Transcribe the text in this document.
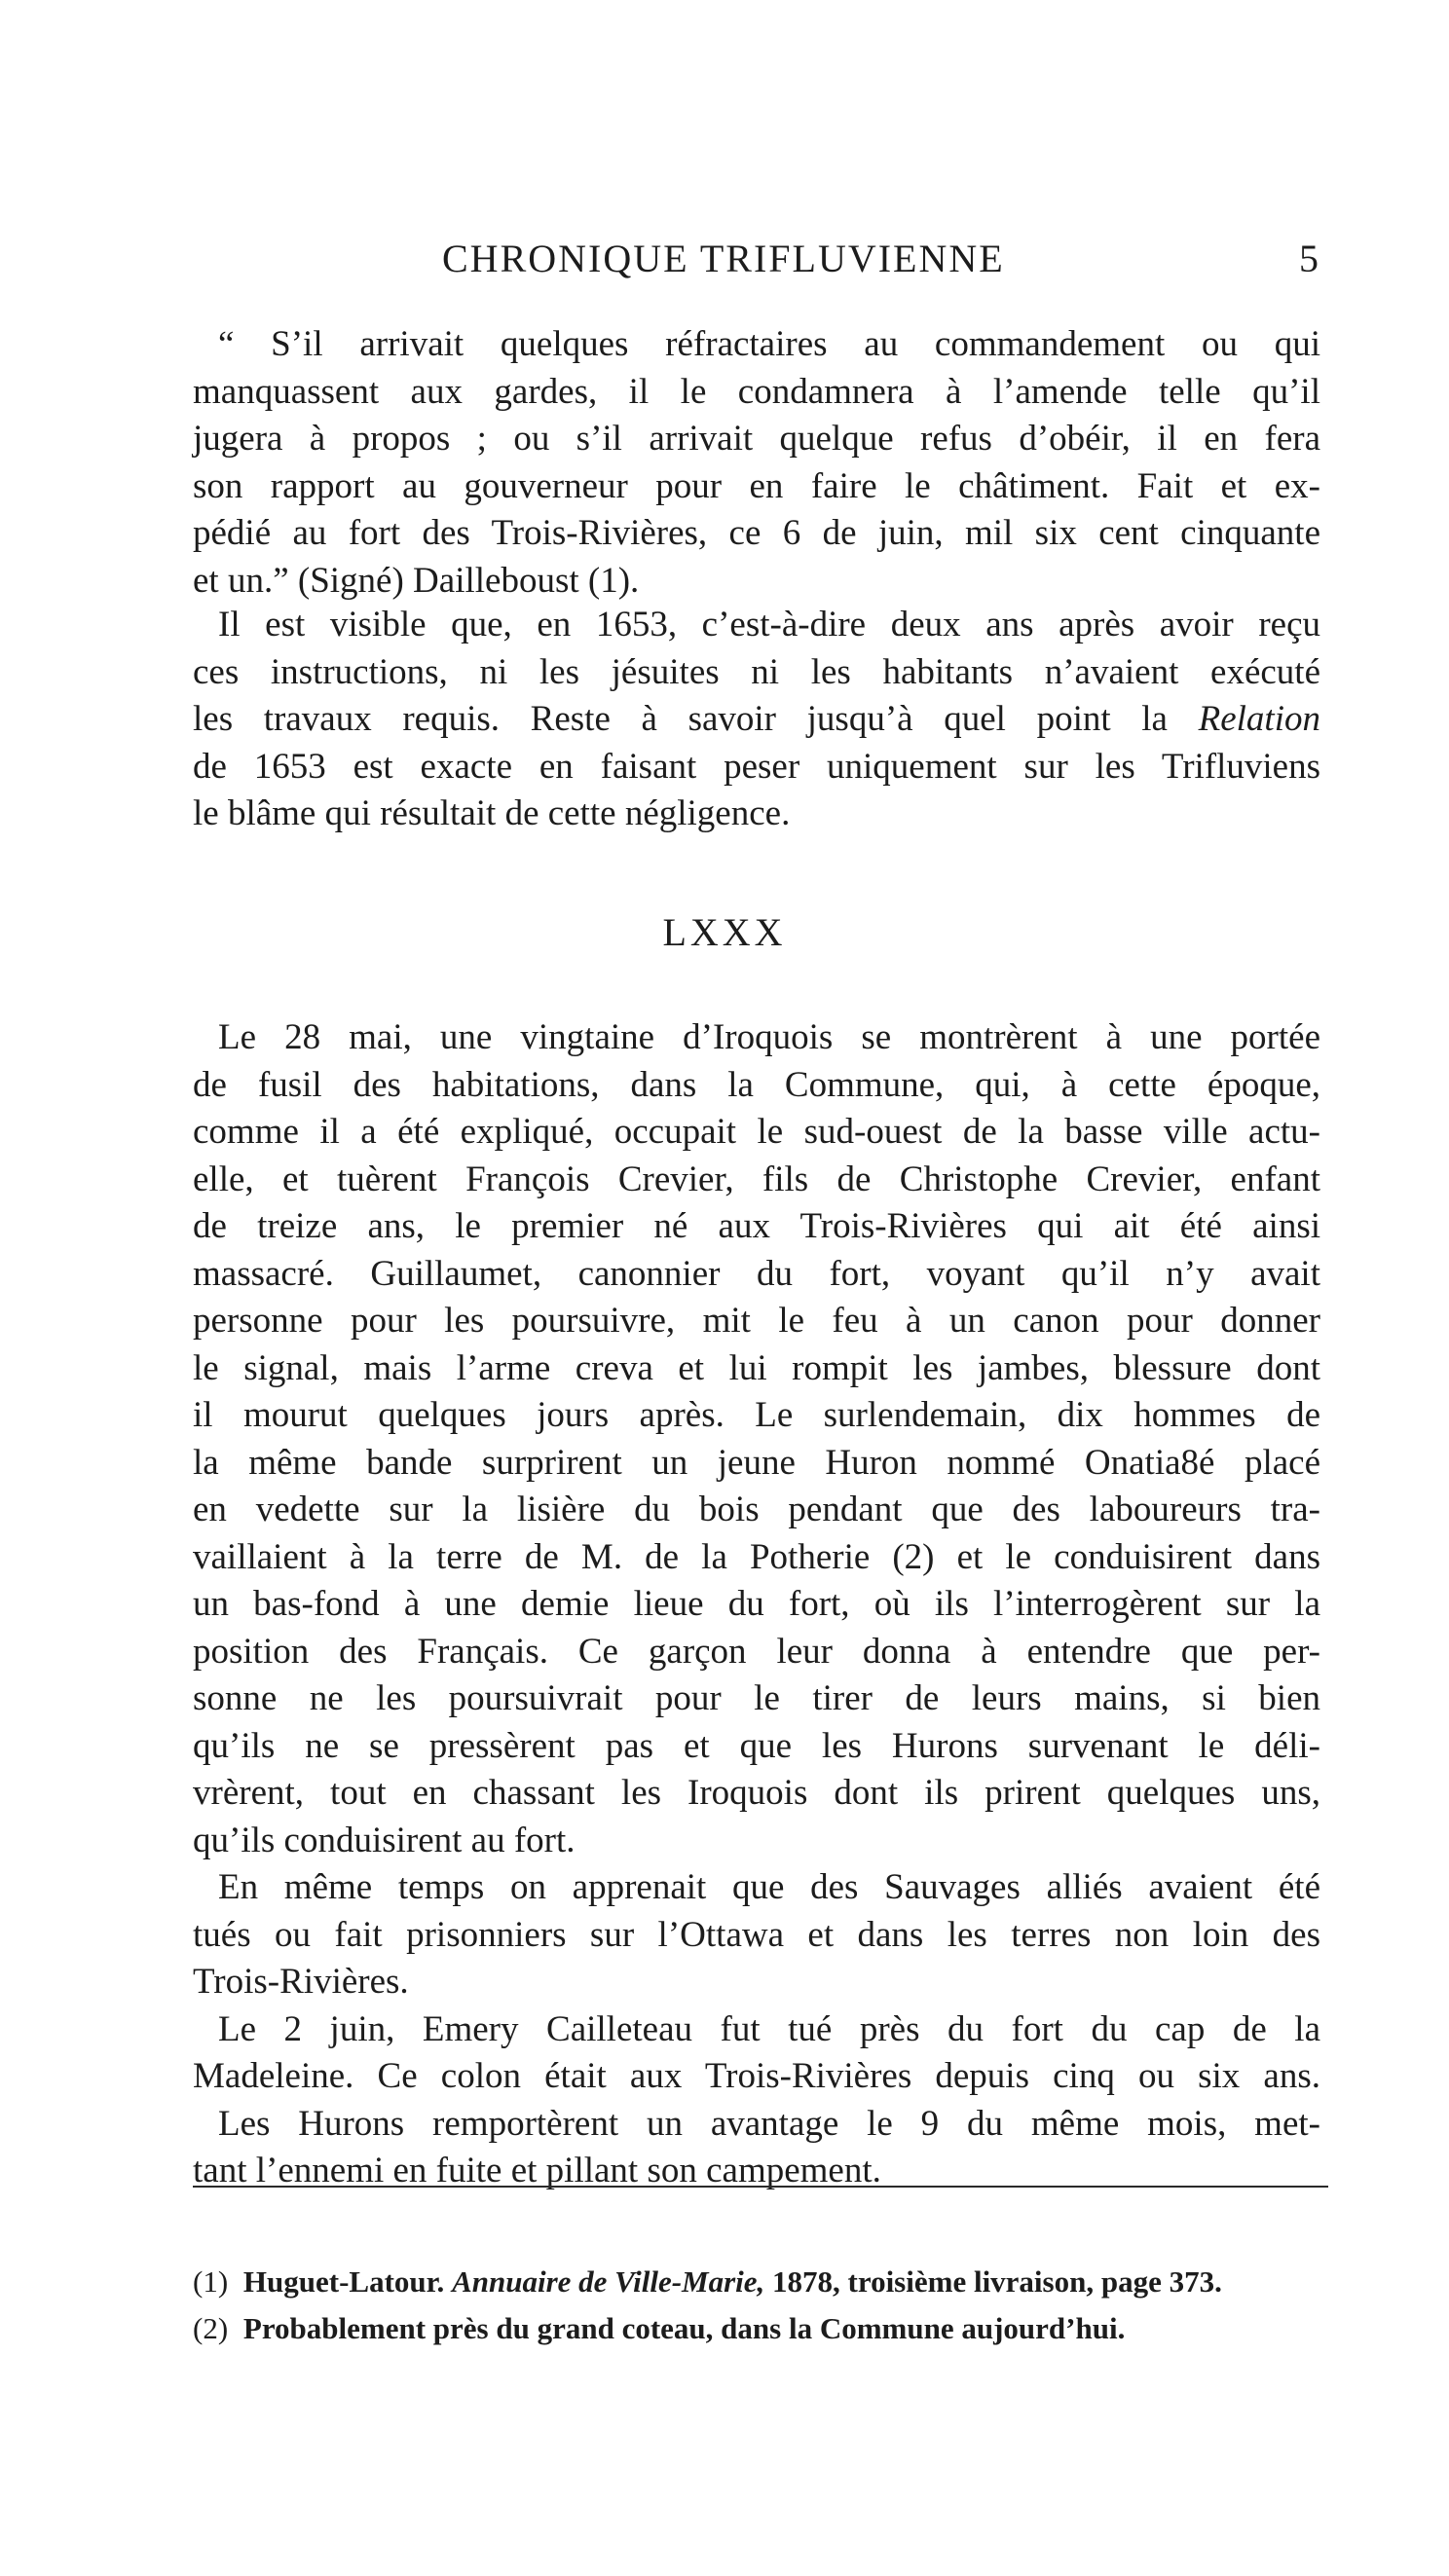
CHRONIQUE TRIFLUVIENNE	5
“ S’il arrivait quelques réfractaires au commandement ou qui
manquassent aux gardes, il le condamnera à l’amende telle qu’il
jugera à propos ; ou s’il arrivait quelque refus d’obéir, il en fera
son rapport au gouverneur pour en faire le châtiment. Fait et ex-
pédié au fort des Trois-Rivières, ce 6 de juin, mil six cent cinquante
et un.” (Signé) Dailleboust (1).
Il est visible que, en 1653, c’est-à-dire deux ans après avoir reçu
ces instructions, ni les jésuites ni les habitants n’avaient exécuté
les travaux requis. Reste à savoir jusqu’à quel point la Relation
de 1653 est exacte en faisant peser uniquement sur les Trifluviens
le blâme qui résultait de cette négligence.
LXXX
Le 28 mai, une vingtaine d’Iroquois se montrèrent à une portée
de fusil des habitations, dans la Commune, qui, à cette époque,
comme il a été expliqué, occupait le sud-ouest de la basse ville actu-
elle, et tuèrent François Crevier, fils de Christophe Crevier, enfant
de treize ans, le premier né aux Trois-Rivières qui ait été ainsi
massacré. Guillaumet, canonnier du fort, voyant qu’il n’y avait
personne pour les poursuivre, mit le feu à un canon pour donner
le signal, mais l’arme creva et lui rompit les jambes, blessure dont
il mourut quelques jours après. Le surlendemain, dix hommes de
la même bande surprirent un jeune Huron nommé Onatia8é placé
en vedette sur la lisière du bois pendant que des laboureurs tra-
vaillaient à la terre de M. de la Potherie (2) et le conduisirent dans
un bas-fond à une demie lieue du fort, où ils l’interrogèrent sur la
position des Français. Ce garçon leur donna à entendre que per-
sonne ne les poursuivrait pour le tirer de leurs mains, si bien
qu’ils ne se pressèrent pas et que les Hurons survenant le déli-
vrèrent, tout en chassant les Iroquois dont ils prirent quelques uns,
qu’ils conduisirent au fort.
En même temps on apprenait que des Sauvages alliés avaient été
tués ou fait prisonniers sur l’Ottawa et dans les terres non loin des
Trois-Rivières.
Le 2 juin, Emery Cailleteau fut tué près du fort du cap de la
Madeleine. Ce colon était aux Trois-Rivières depuis cinq ou six ans.
Les Hurons remportèrent un avantage le 9 du même mois, met-
tant l’ennemi en fuite et pillant son campement.
(1) Huguet-Latour. Annuaire de Ville-Marie, 1878, troisième livraison, page 373.
(2) Probablement près du grand coteau, dans la Commune aujourd’hui.
